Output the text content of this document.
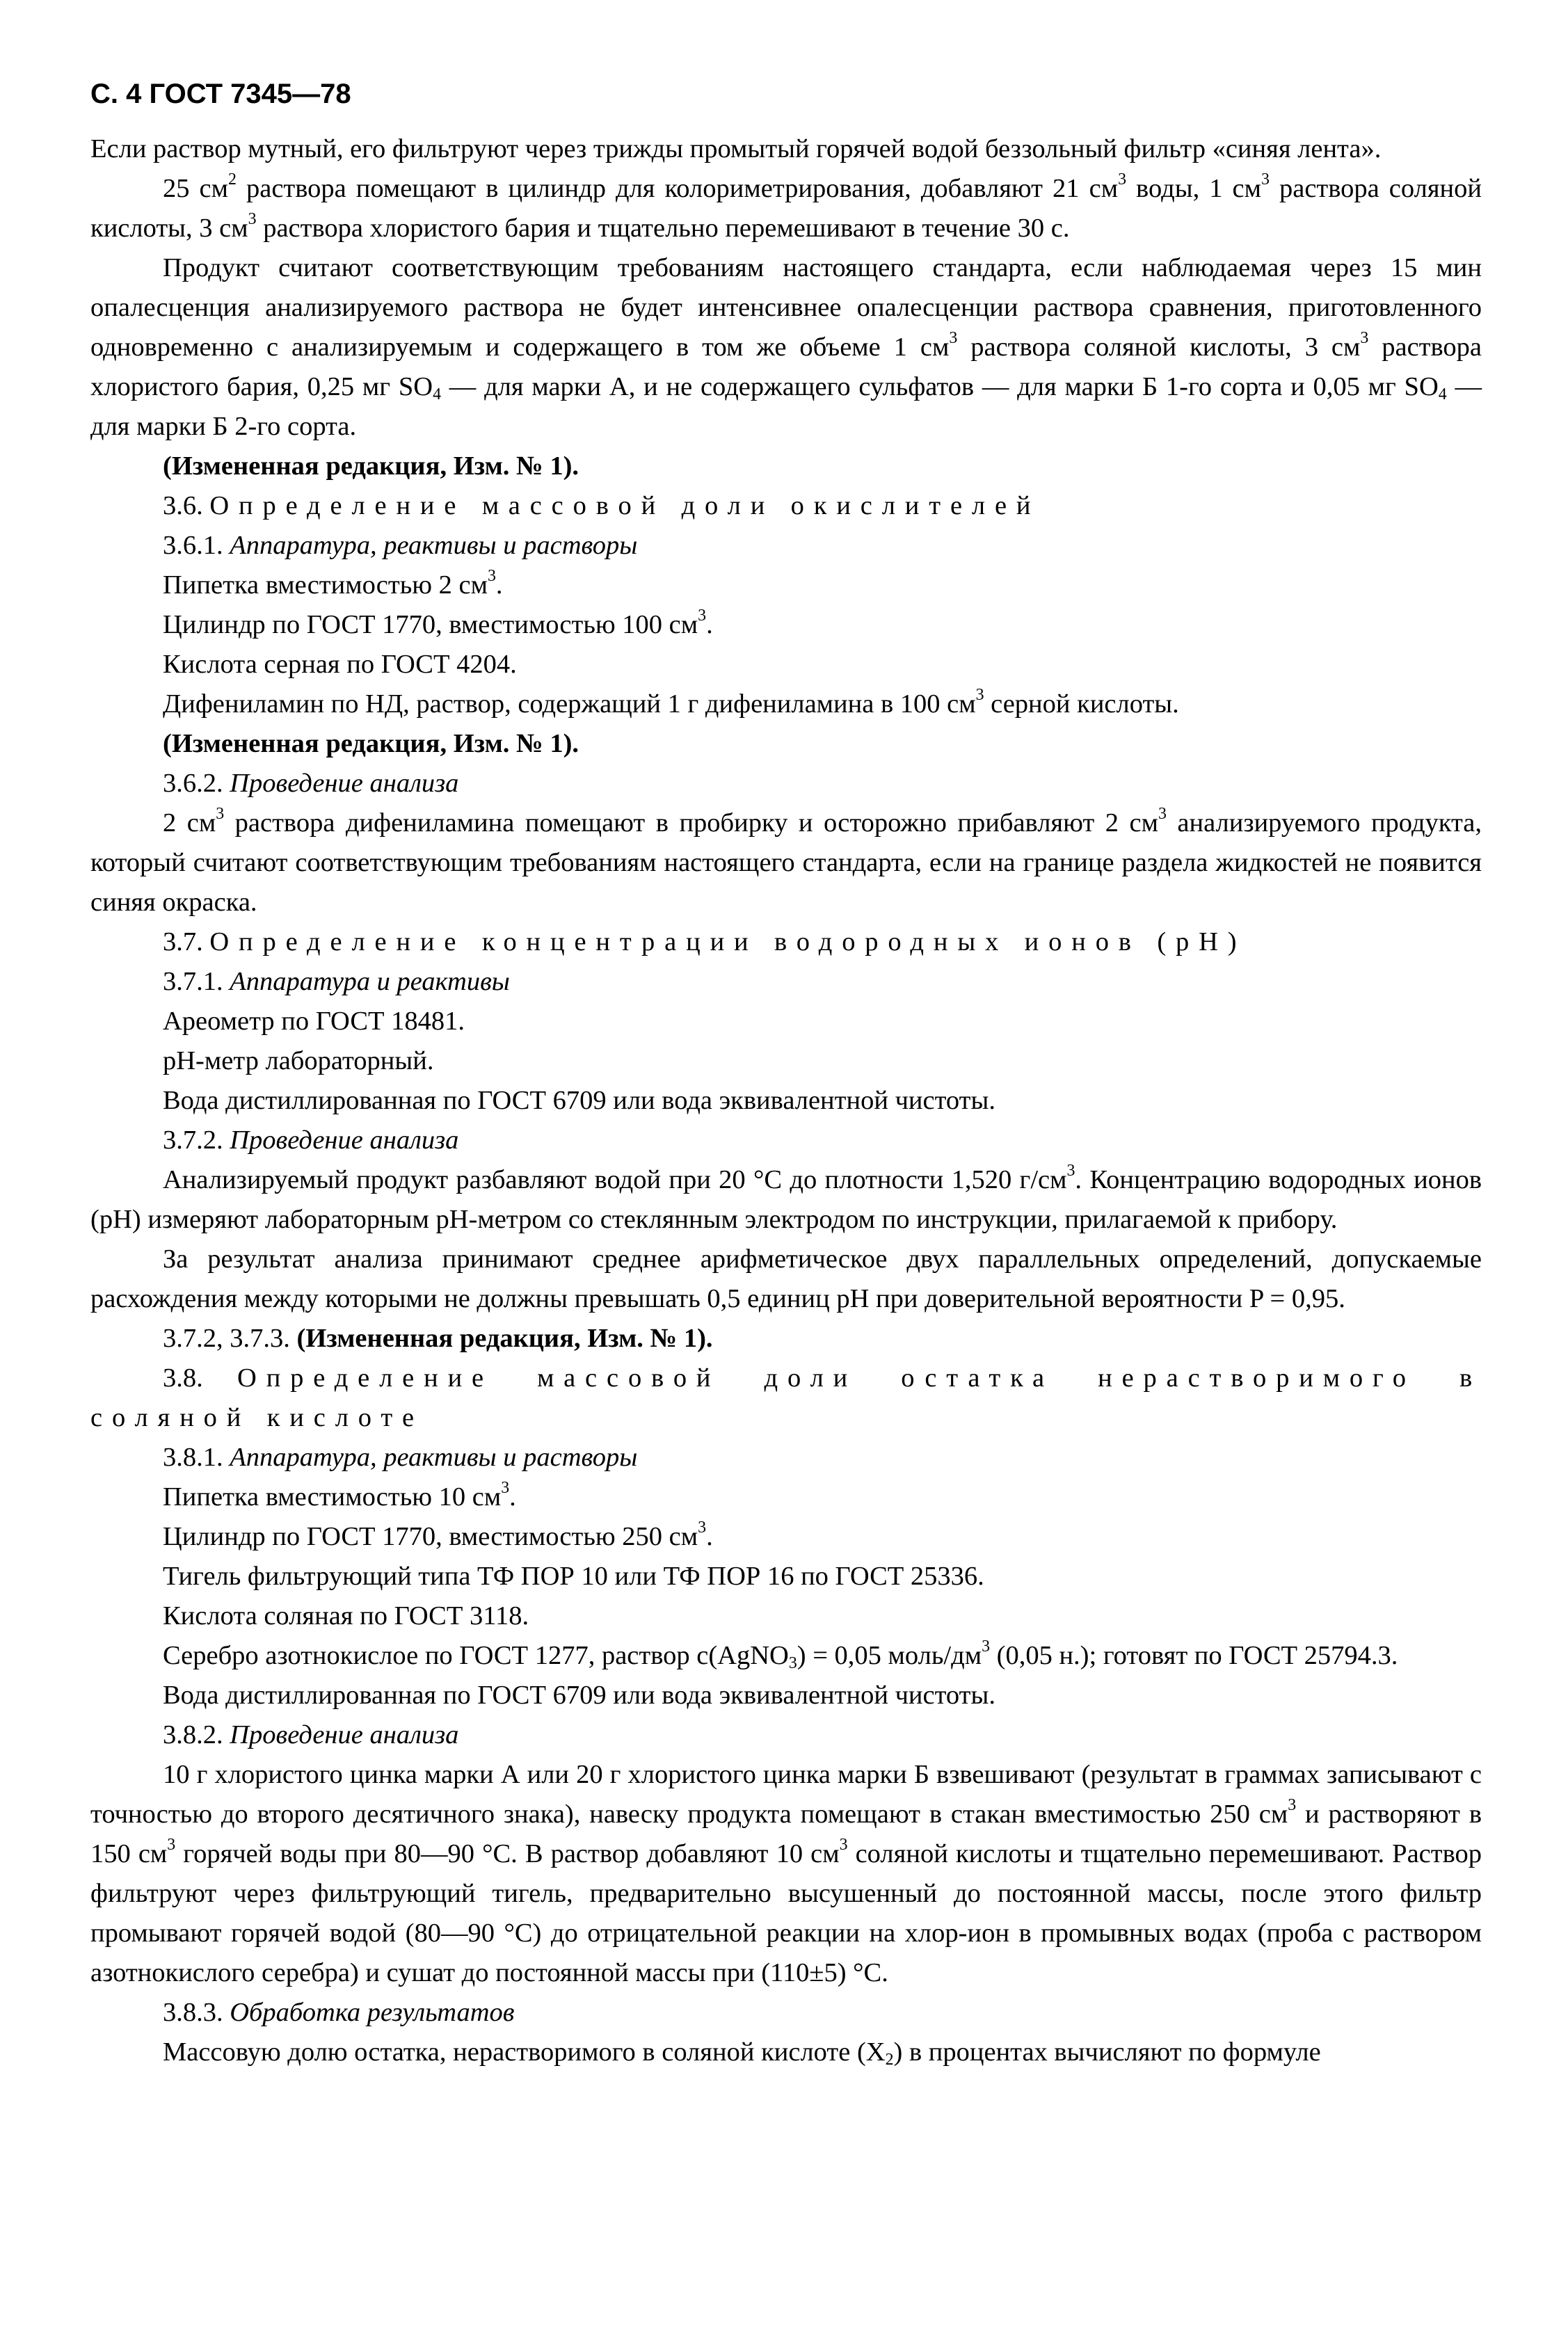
С. 4 ГОСТ 7345—78

Если раствор мутный, его фильтруют через трижды промытый горячей водой беззольный фильтр «синяя лента».

25 $см^2$ раствора помещают в цилиндр для колориметрирования, добавляют 21 $см^3$ воды, 1 $см^3$ раствора соляной кислоты, 3 $см^3$ раствора хлористого бария и тщательно перемешивают в течение 30 с.

Продукт считают соответствующим требованиям настоящего стандарта, если наблюдаемая через 15 мин опалесценция анализируемого раствора не будет интенсивнее опалесценции раствора сравнения, приготовленного одновременно с анализируемым и содержащего в том же объеме 1 $см^3$ раствора соляной кислоты, 3 $см^3$ раствора хлористого бария, 0,25 мг $SO_4$ — для марки А, и не содержащего сульфатов — для марки Б 1-го сорта и 0,05 мг $SO_4$ — для марки Б 2-го сорта.

(Измененная редакция, Изм. № 1).

3.6. Определение массовой доли окислителей

3.6.1. Аппаратура, реактивы и растворы

Пипетка вместимостью 2 $см^3$.

Цилиндр по ГОСТ 1770, вместимостью 100 $см^3$.

Кислота серная по ГОСТ 4204.

Дифениламин по НД, раствор, содержащий 1 г дифениламина в 100 $см^3$ серной кислоты.

(Измененная редакция, Изм. № 1).

3.6.2. Проведение анализа

2 $см^3$ раствора дифениламина помещают в пробирку и осторожно прибавляют 2 $см^3$ анализируемого продукта, который считают соответствующим требованиям настоящего стандарта, если на границе раздела жидкостей не появится синяя окраска.

3.7. Определение концентрации водородных ионов (pH)

3.7.1. Аппаратура и реактивы

Ареометр по ГОСТ 18481.

pH-метр лабораторный.

Вода дистиллированная по ГОСТ 6709 или вода эквивалентной чистоты.

3.7.2. Проведение анализа

Анализируемый продукт разбавляют водой при 20 °С до плотности 1,520 $г/см^3$. Концентрацию водородных ионов (pH) измеряют лабораторным pH-метром со стеклянным электродом по инструкции, прилагаемой к прибору.

За результат анализа принимают среднее арифметическое двух параллельных определений, допускаемые расхождения между которыми не должны превышать 0,5 единиц pH при доверительной вероятности P = 0,95.

3.7.2, 3.7.3. (Измененная редакция, Изм. № 1).

3.8. Определение массовой доли остатка нерастворимого в соляной кислоте

3.8.1. Аппаратура, реактивы и растворы

Пипетка вместимостью 10 $см^3$.

Цилиндр по ГОСТ 1770, вместимостью 250 $см^3$.

Тигель фильтрующий типа ТФ ПОР 10 или ТФ ПОР 16 по ГОСТ 25336.

Кислота соляная по ГОСТ 3118.

Серебро азотнокислое по ГОСТ 1277, раствор c(AgNO$_3$) = 0,05 моль/$дм^3$ (0,05 н.); готовят по ГОСТ 25794.3.

Вода дистиллированная по ГОСТ 6709 или вода эквивалентной чистоты.

3.8.2. Проведение анализа

10 г хлористого цинка марки А или 20 г хлористого цинка марки Б взвешивают (результат в граммах записывают с точностью до второго десятичного знака), навеску продукта помещают в стакан вместимостью 250 $см^3$ и растворяют в 150 $см^3$ горячей воды при 80—90 °С. В раствор добавляют 10 $см^3$ соляной кислоты и тщательно перемешивают. Раствор фильтруют через фильтрующий тигель, предварительно высушенный до постоянной массы, после этого фильтр промывают горячей водой (80—90 °С) до отрицательной реакции на хлор-ион в промывных водах (проба с раствором азотнокислого серебра) и сушат до постоянной массы при (110±5) °С.

3.8.3. Обработка результатов

Массовую долю остатка, нерастворимого в соляной кислоте $(X_2)$ в процентах вычисляют по формуле
